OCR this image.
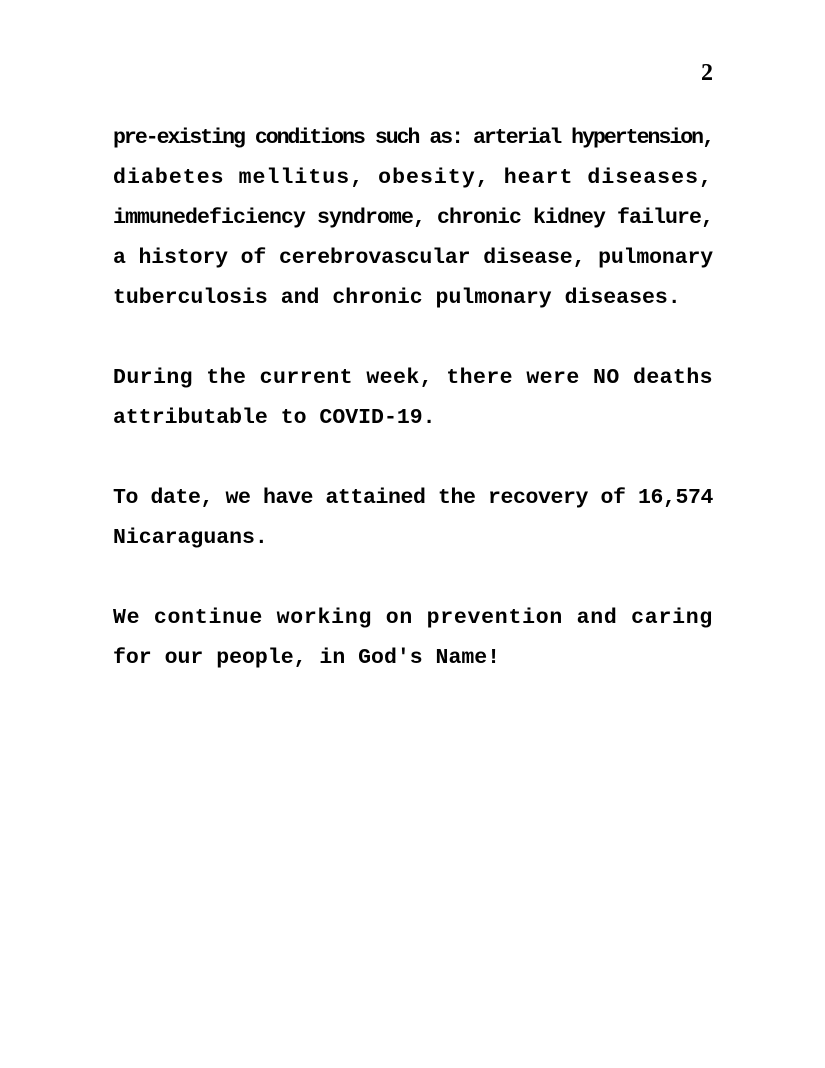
2
pre-existing conditions such as: arterial hypertension,
diabetes mellitus, obesity, heart diseases,
immunedeficiency syndrome, chronic kidney failure,
a history of cerebrovascular disease, pulmonary
tuberculosis and chronic pulmonary diseases.
During the current week, there were NO deaths
attributable to COVID-19.
To date, we have attained the recovery of 16,574
Nicaraguans.
We continue working on prevention and caring
for our people, in God's Name!
